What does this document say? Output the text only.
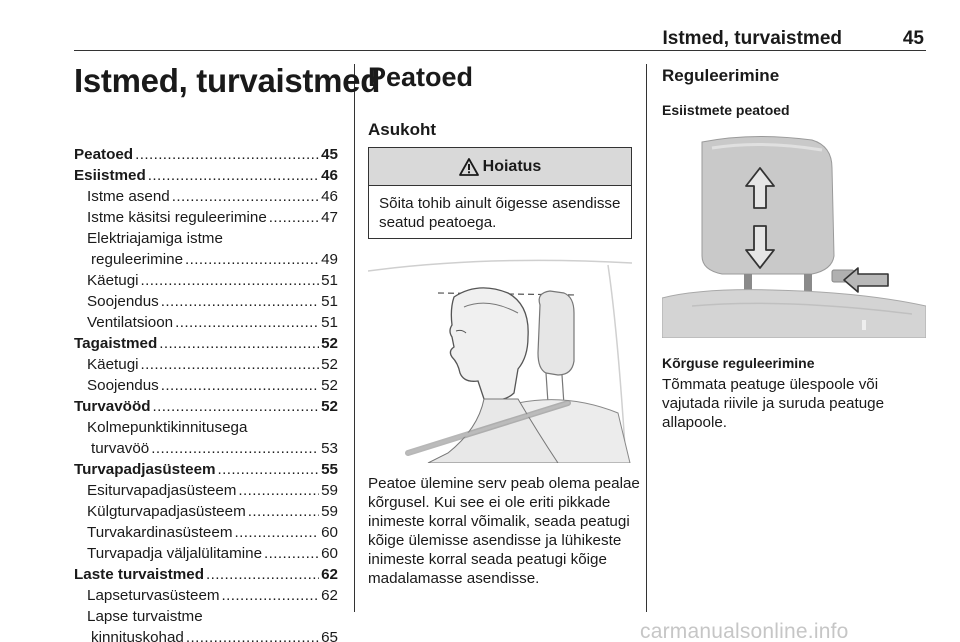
Istmed, turvaistmed	45
Istmed, turvaistmed
Peatoed .....	45
Esiistmed .....	46
Istme asend .....	46
Istme käsitsi reguleerimine .....	47
Elektriajamiga istme
reguleerimine .....	49
Käetugi .....	51
Soojendus .....	51
Ventilatsioon .....	51
Tagaistmed .....	52
Käetugi .....	52
Soojendus .....	52
Turvavööd .....	52
Kolmepunktikinnitusega
turvavöö .....	53
Turvapadjasüsteem .....	55
Esiturvapadjasüsteem .....	59
Külgturvapadjasüsteem .....	59
Turvakardinasüsteem .....	60
Turvapadja väljalülitamine .....	60
Laste turvaistmed .....	62
Lapseturvasüsteem .....	62
Lapse turvaistme
kinnituskohad .....	65
Peatoed
Asukoht
Hoiatus
Sõita tohib ainult õigesse asendisse seatud peatoega.

Peatoe ülemine serv peab olema pealae kõrgusel. Kui see ei ole eriti pikkade inimeste korral võimalik, seada peatugi kõige ülemisse asendisse ja lühikeste inimeste korral seada peatugi kõige madalamasse asendisse.

Reguleerimine
Esiistmete peatoed
Kõrguse reguleerimine

Tõmmata peatuge ülespoole või vajutada riivile ja suruda peatuge allapoole.

carmanualsonline.info
